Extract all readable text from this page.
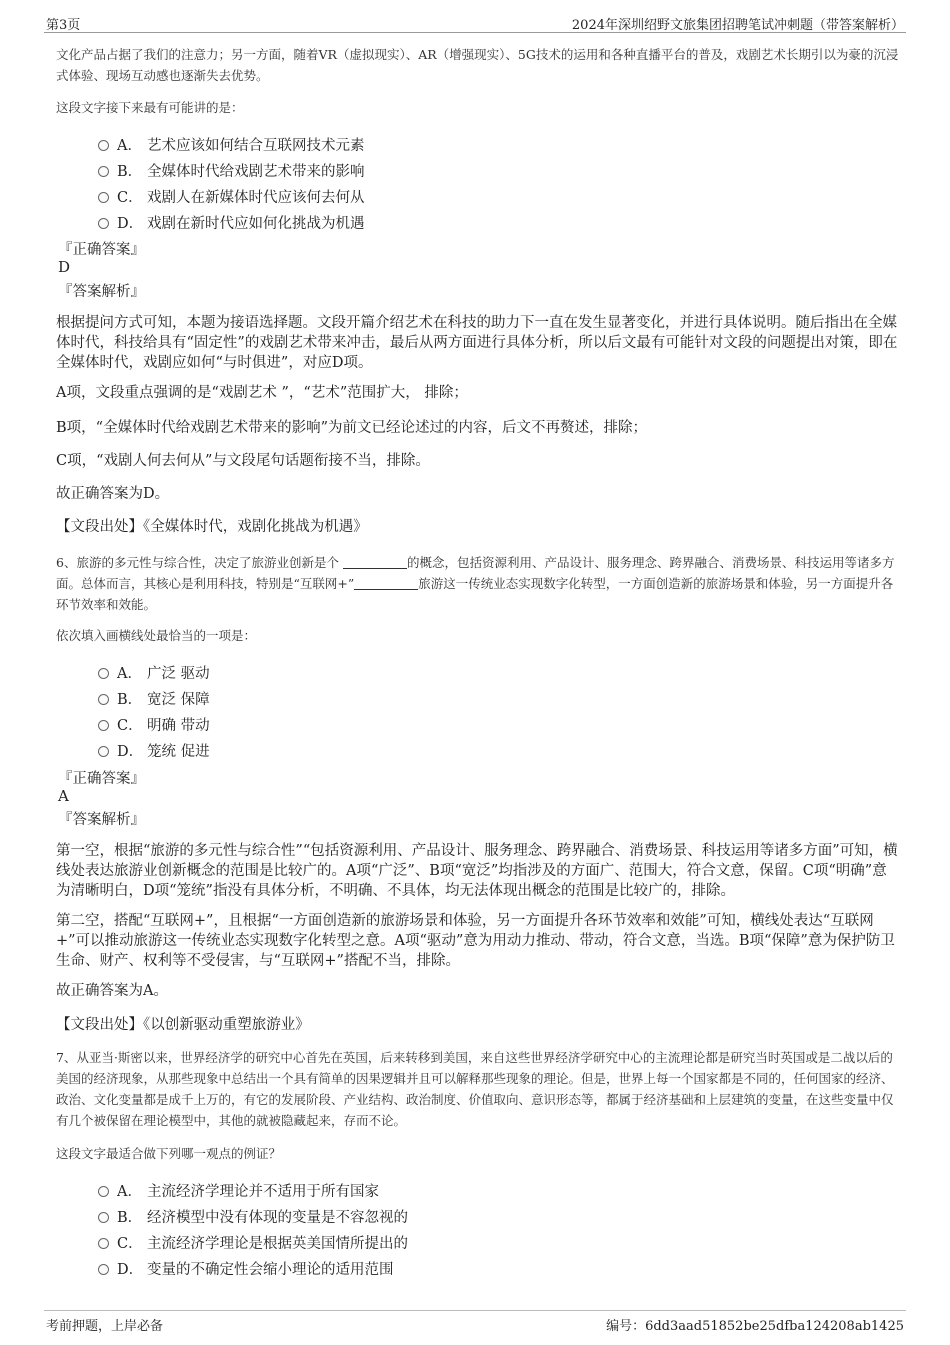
第3页	2024年深圳绍野文旅集团招聘笔试冲刺题（带答案解析）

文化产品占据了我们的注意力；另一方面，随着VR（虚拟现实）、AR（增强现实）、5G技术的运用和各种直播平台的普及，戏剧艺术长期引以为豪的沉浸式体验、现场互动感也逐渐失去优势。

这段文字接下来最有可能讲的是：

A． 艺术应该如何结合互联网技术元素
B． 全媒体时代给戏剧艺术带来的影响
C． 戏剧人在新媒体时代应该何去何从
D． 戏剧在新时代应如何化挑战为机遇
『正确答案』
D
『答案解析』

根据提问方式可知，本题为接语选择题。文段开篇介绍艺术在科技的助力下一直在发生显著变化，并进行具体说明。随后指出在全媒体时代，科技给具有“固定性”的戏剧艺术带来冲击，最后从两方面进行具体分析，所以后文最有可能针对文段的问题提出对策，即在全媒体时代，戏剧应如何“与时俱进”，对应D项。

A项，文段重点强调的是“戏剧艺术 ”，“艺术”范围扩大， 排除；

B项，“全媒体时代给戏剧艺术带来的影响”为前文已经论述过的内容，后文不再赘述，排除；

C项，“戏剧人何去何从”与文段尾句话题衔接不当，排除。

故正确答案为D。

【文段出处】《全媒体时代，戏剧化挑战为机遇》

6、旅游的多元性与综合性，决定了旅游业创新是个	的概念，包括资源利用、产品设计、服务理念、跨界融合、消费场景、科技运用等诸多方面。总体而言，其核心是利用科技，特别是“互联网+”	旅游这一传统业态实现数字化转型，一方面创造新的旅游场景和体验，另一方面提升各环节效率和效能。

依次填入画横线处最恰当的一项是：

A． 广泛 驱动
B． 宽泛 保障
C． 明确 带动
D． 笼统 促进
『正确答案』
A
『答案解析』

第一空，根据“旅游的多元性与综合性”“包括资源利用、产品设计、服务理念、跨界融合、消费场景、科技运用等诸多方面”可知，横线处表达旅游业创新概念的范围是比较广的。A项“广泛”、B项“宽泛”均指涉及的方面广、范围大，符合文意，保留。C项“明确”意为清晰明白，D项“笼统”指没有具体分析，不明确、不具体，均无法体现出概念的范围是比较广的，排除。

第二空，搭配“互联网+”，且根据“一方面创造新的旅游场景和体验，另一方面提升各环节效率和效能”可知，横线处表达“互联网+”可以推动旅游这一传统业态实现数字化转型之意。A项“驱动”意为用动力推动、带动，符合文意，当选。B项“保障”意为保护防卫生命、财产、权利等不受侵害，与“互联网+”搭配不当，排除。

故正确答案为A。

【文段出处】《以创新驱动重塑旅游业》

7、从亚当·斯密以来，世界经济学的研究中心首先在英国，后来转移到美国，来自这些世界经济学研究中心的主流理论都是研究当时英国或是二战以后的美国的经济现象，从那些现象中总结出一个具有简单的因果逻辑并且可以解释那些现象的理论。但是，世界上每一个国家都是不同的，任何国家的经济、政治、文化变量都是成千上万的，有它的发展阶段、产业结构、政治制度、价值取向、意识形态等，都属于经济基础和上层建筑的变量，在这些变量中仅有几个被保留在理论模型中，其他的就被隐藏起来，存而不论。

这段文字最适合做下列哪一观点的例证？

A． 主流经济学理论并不适用于所有国家
B． 经济模型中没有体现的变量是不容忽视的
C． 主流经济学理论是根据英美国情所提出的
D． 变量的不确定性会缩小理论的适用范围
考前押题，上岸必备	编号：6dd3aad51852be25dfba124208ab1425
